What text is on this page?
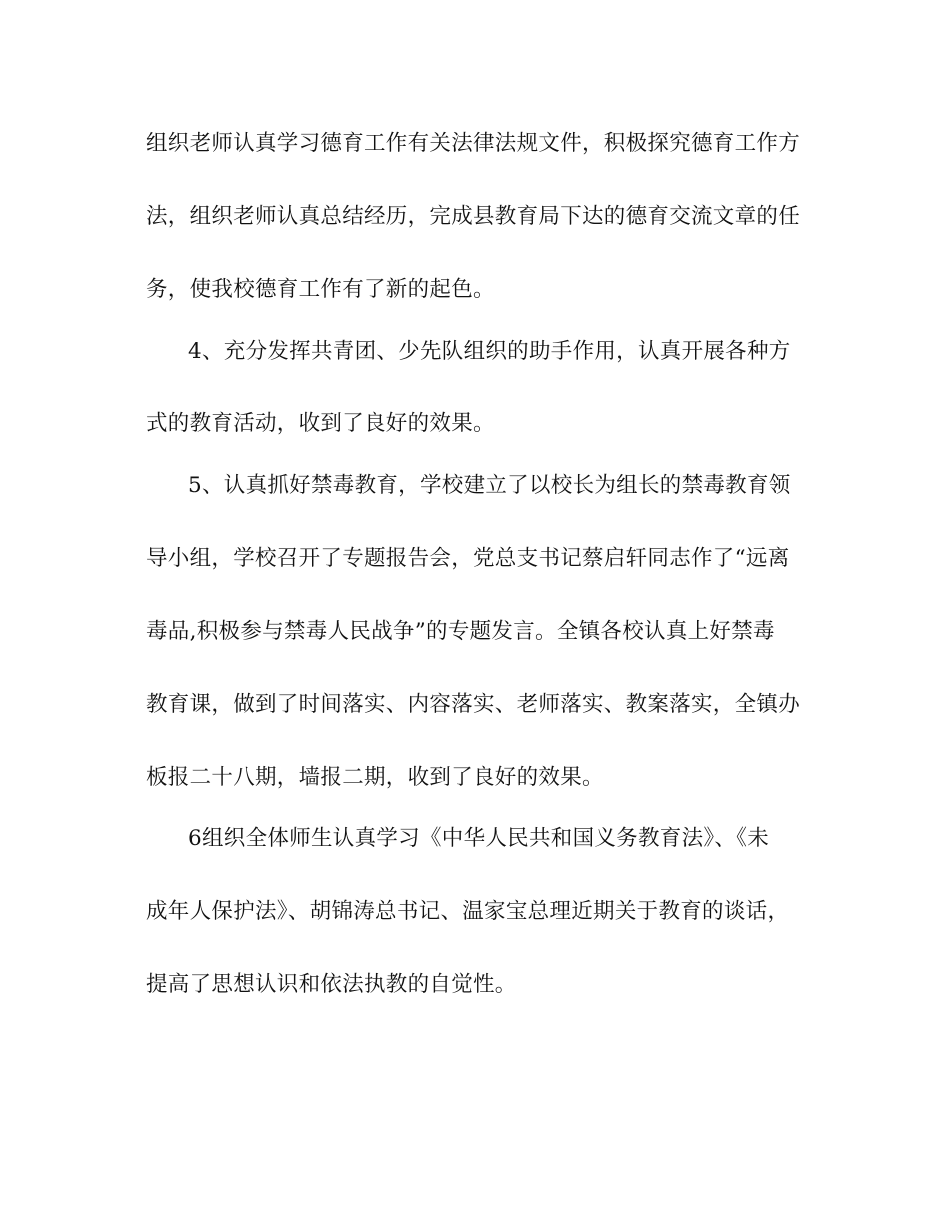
组织老师认真学习德育工作有关法律法规文件，积极探究德育工作方
法，组织老师认真总结经历，完成县教育局下达的德育交流文章的任
务，使我校德育工作有了新的起色。
4、充分发挥共青团、少先队组织的助手作用，认真开展各种方
式的教育活动，收到了良好的效果。
5、认真抓好禁毒教育，学校建立了以校长为组长的禁毒教育领
导小组，学校召开了专题报告会，党总支书记蔡启轩同志作了“远离
毒品,积极参与禁毒人民战争”的专题发言。全镇各校认真上好禁毒
教育课，做到了时间落实、内容落实、老师落实、教案落实，全镇办
板报二十八期，墙报二期，收到了良好的效果。
6组织全体师生认真学习《中华人民共和国义务教育法》、《未
成年人保护法》、胡锦涛总书记、温家宝总理近期关于教育的谈话，
提高了思想认识和依法执教的自觉性。
